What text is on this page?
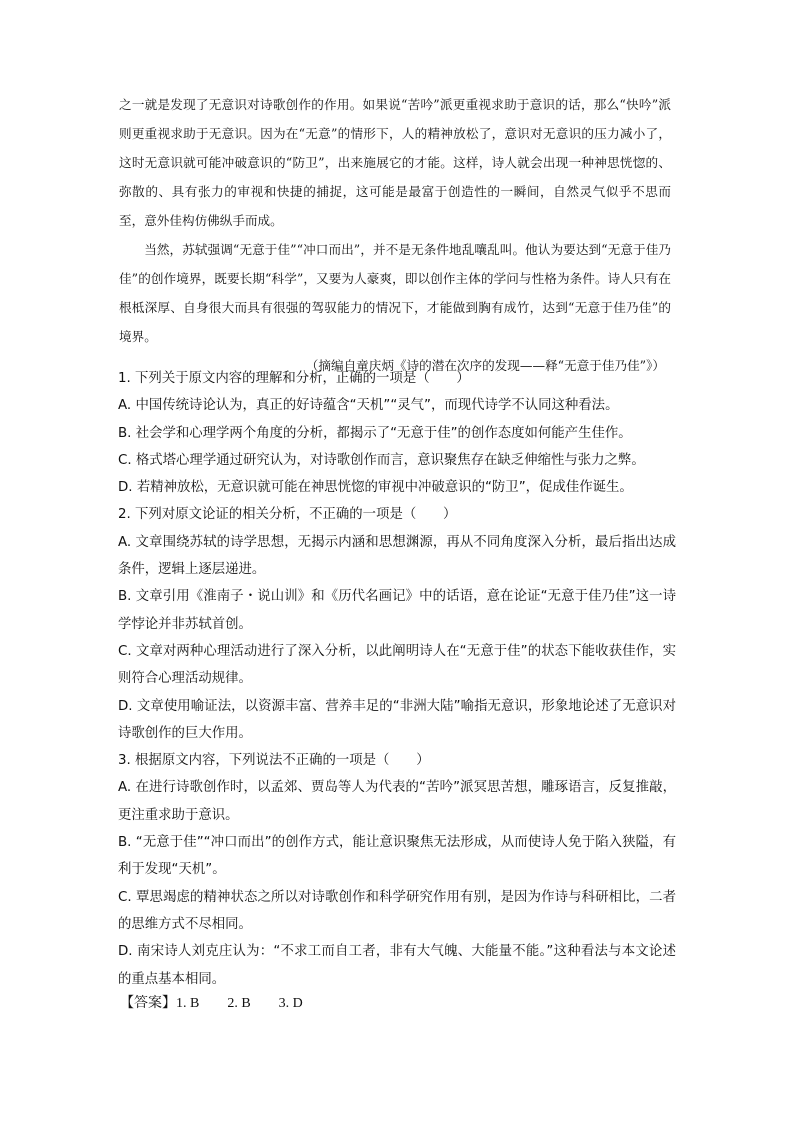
之一就是发现了无意识对诗歌创作的作用。如果说“苦吟”派更重视求助于意识的话，那么“快吟”派则更重视求助于无意识。因为在“无意”的情形下，人的精神放松了，意识对无意识的压力减小了，这时无意识就可能冲破意识的“防卫”，出来施展它的才能。这样，诗人就会出现一种神思恍惚的、弥散的、具有张力的审视和快捷的捕捉，这可能是最富于创造性的一瞬间，自然灵气似乎不思而至，意外佳构仿佛纵手而成。

当然，苏轼强调“无意于佳”“冲口而出”，并不是无条件地乱嚷乱叫。他认为要达到“无意于佳乃佳”的创作境界，既要长期“科学”，又要为人豪爽，即以创作主体的学问与性格为条件。诗人只有在根柢深厚、自身很大而具有很强的驾驭能力的情况下，才能做到胸有成竹，达到“无意于佳乃佳”的境界。

（摘编自童庆炳《诗的潜在次序的发现——释“无意于佳乃佳”》）

1. 下列关于原文内容的理解和分析，正确的一项是（　　）

A. 中国传统诗论认为，真正的好诗蕴含“天机”“灵气”，而现代诗学不认同这种看法。

B. 社会学和心理学两个角度的分析，都揭示了“无意于佳”的创作态度如何能产生佳作。

C. 格式塔心理学通过研究认为，对诗歌创作而言，意识聚焦存在缺乏伸缩性与张力之弊。

D. 若精神放松，无意识就可能在神思恍惚的审视中冲破意识的“防卫”，促成佳作诞生。

2. 下列对原文论证的相关分析，不正确的一项是（　　）

A. 文章围绕苏轼的诗学思想，无揭示内涵和思想渊源，再从不同角度深入分析，最后指出达成条件，逻辑上逐层递进。

B. 文章引用《淮南子・说山训》和《历代名画记》中的话语，意在论证“无意于佳乃佳”这一诗学悖论并非苏轼首创。

C. 文章对两种心理活动进行了深入分析，以此阐明诗人在“无意于佳”的状态下能收获佳作，实则符合心理活动规律。

D. 文章使用喻证法，以资源丰富、营养丰足的“非洲大陆”喻指无意识，形象地论述了无意识对诗歌创作的巨大作用。

3. 根据原文内容，下列说法不正确的一项是（　　）

A. 在进行诗歌创作时，以孟郊、贾岛等人为代表的“苦吟”派冥思苦想，雕琢语言，反复推敲，更注重求助于意识。

B. “无意于佳”“冲口而出”的创作方式，能让意识聚焦无法形成，从而使诗人免于陷入狭隘，有利于发现“天机”。

C. 覃思竭虑的精神状态之所以对诗歌创作和科学研究作用有别，是因为作诗与科研相比，二者的思维方式不尽相同。

D. 南宋诗人刘克庄认为：“不求工而自工者，非有大气魄、大能量不能。”这种看法与本文论述的重点基本相同。

【答案】1. B　　2. B　　3. D
